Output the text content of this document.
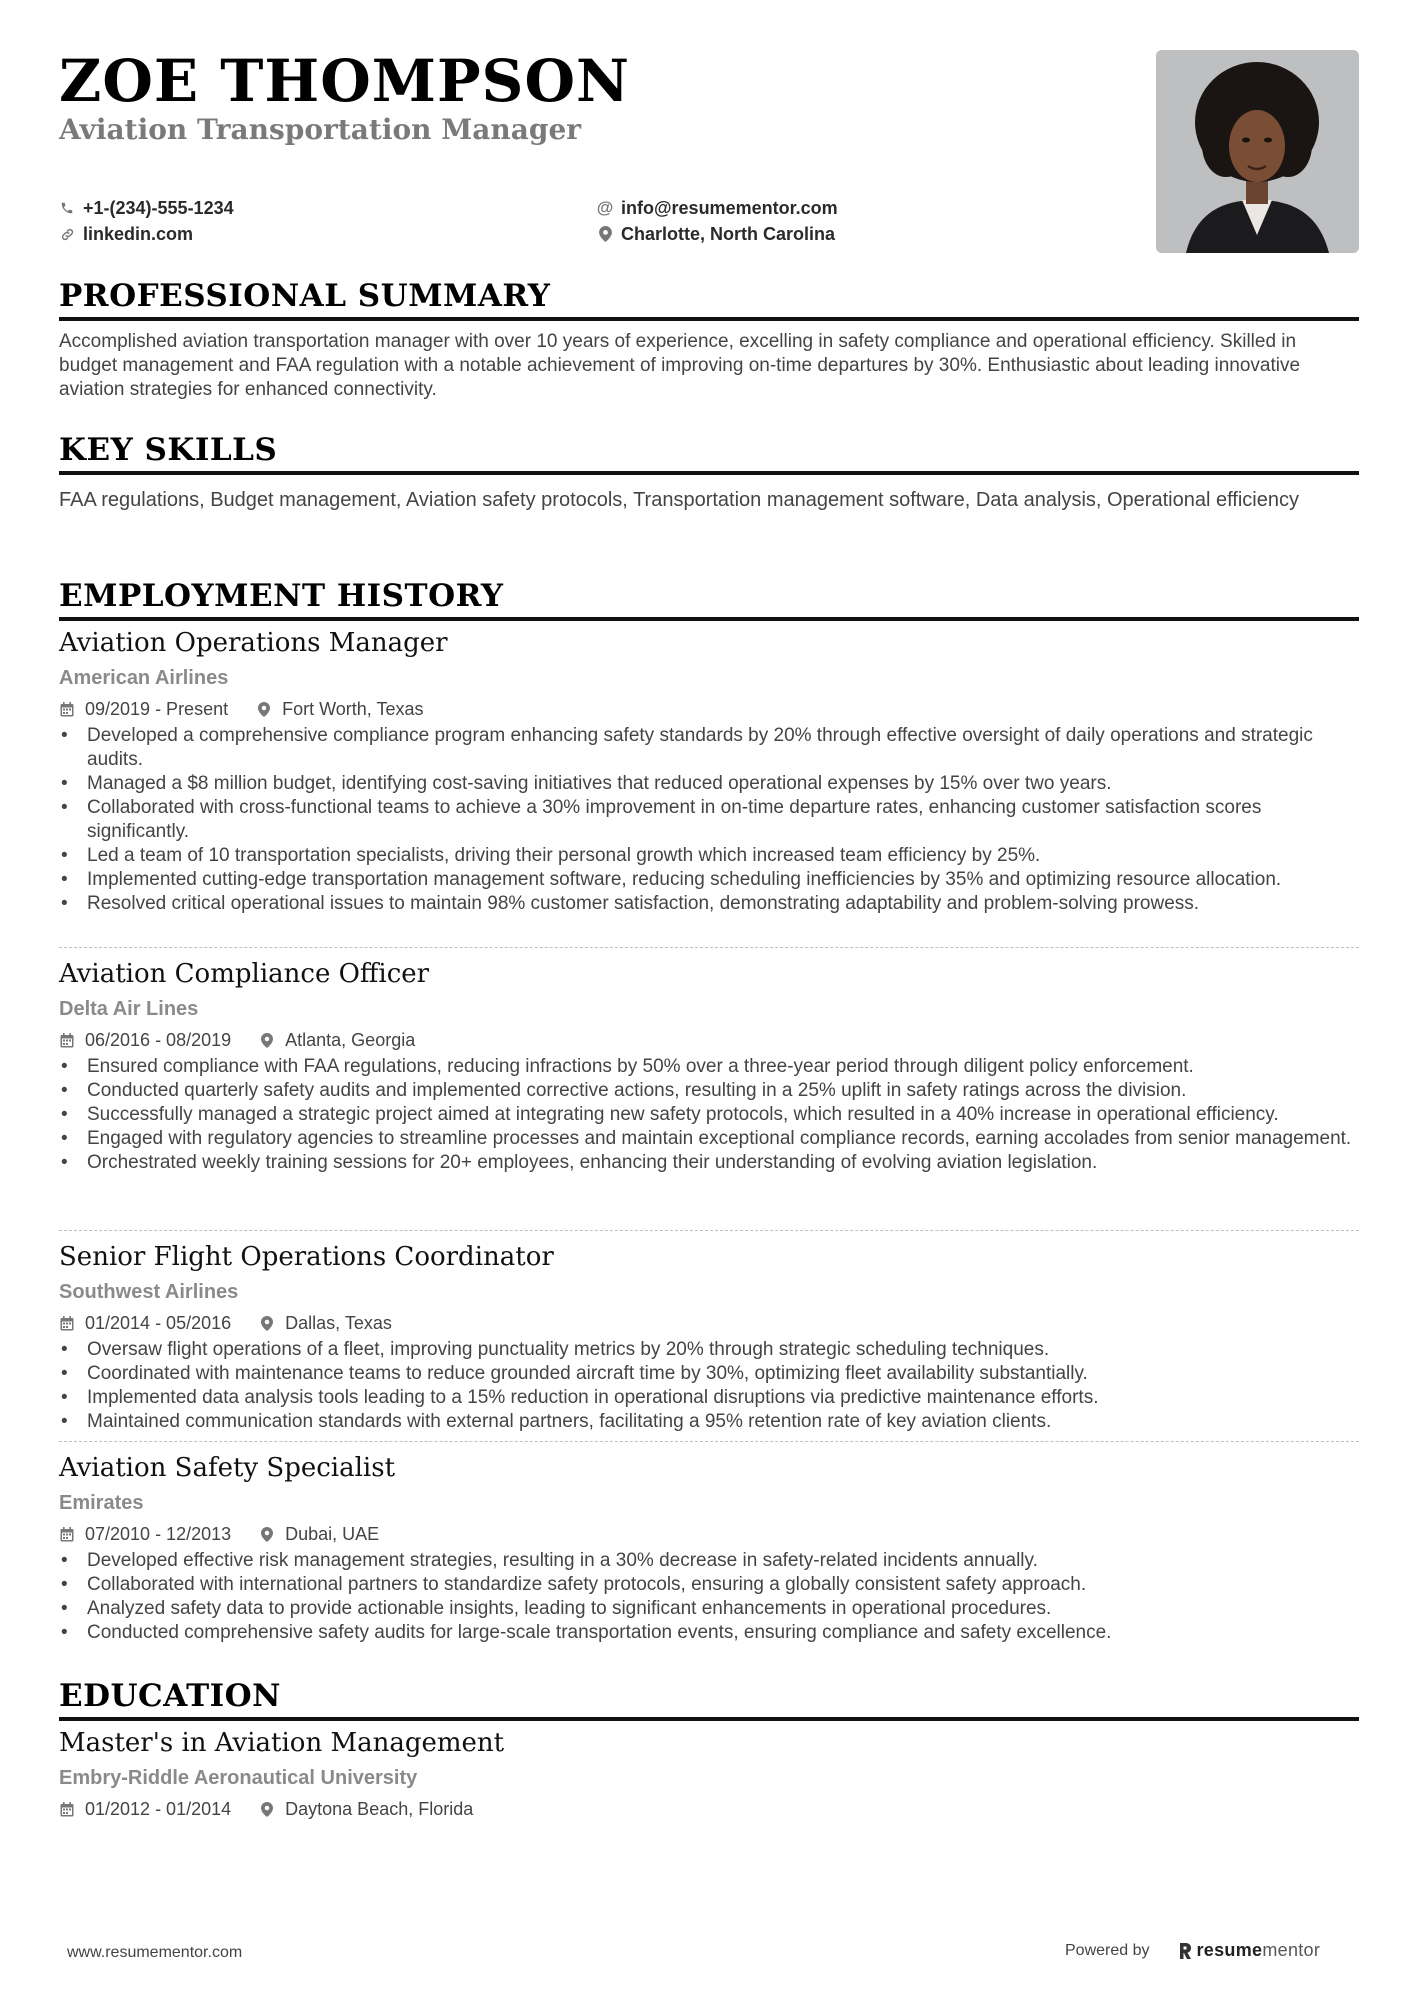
ZOE THOMPSON
Aviation Transportation Manager
+1-(234)-555-1234
linkedin.com
@ info@resumementor.com
Charlotte, North Carolina
PROFESSIONAL SUMMARY
Accomplished aviation transportation manager with over 10 years of experience, excelling in safety compliance and operational efficiency. Skilled in budget management and FAA regulation with a notable achievement of improving on-time departures by 30%. Enthusiastic about leading innovative aviation strategies for enhanced connectivity.
KEY SKILLS
FAA regulations, Budget management, Aviation safety protocols, Transportation management software, Data analysis, Operational efficiency
EMPLOYMENT HISTORY
Aviation Operations Manager
American Airlines
09/2019 - Present	Fort Worth, Texas
• Developed a comprehensive compliance program enhancing safety standards by 20% through effective oversight of daily operations and strategic audits.
• Managed a $8 million budget, identifying cost-saving initiatives that reduced operational expenses by 15% over two years.
• Collaborated with cross-functional teams to achieve a 30% improvement in on-time departure rates, enhancing customer satisfaction scores significantly.
• Led a team of 10 transportation specialists, driving their personal growth which increased team efficiency by 25%.
• Implemented cutting-edge transportation management software, reducing scheduling inefficiencies by 35% and optimizing resource allocation.
• Resolved critical operational issues to maintain 98% customer satisfaction, demonstrating adaptability and problem-solving prowess.
Aviation Compliance Officer
Delta Air Lines
06/2016 - 08/2019	Atlanta, Georgia
• Ensured compliance with FAA regulations, reducing infractions by 50% over a three-year period through diligent policy enforcement.
• Conducted quarterly safety audits and implemented corrective actions, resulting in a 25% uplift in safety ratings across the division.
• Successfully managed a strategic project aimed at integrating new safety protocols, which resulted in a 40% increase in operational efficiency.
• Engaged with regulatory agencies to streamline processes and maintain exceptional compliance records, earning accolades from senior management.
• Orchestrated weekly training sessions for 20+ employees, enhancing their understanding of evolving aviation legislation.
Senior Flight Operations Coordinator
Southwest Airlines
01/2014 - 05/2016	Dallas, Texas
• Oversaw flight operations of a fleet, improving punctuality metrics by 20% through strategic scheduling techniques.
• Coordinated with maintenance teams to reduce grounded aircraft time by 30%, optimizing fleet availability substantially.
• Implemented data analysis tools leading to a 15% reduction in operational disruptions via predictive maintenance efforts.
• Maintained communication standards with external partners, facilitating a 95% retention rate of key aviation clients.
Aviation Safety Specialist
Emirates
07/2010 - 12/2013	Dubai, UAE
• Developed effective risk management strategies, resulting in a 30% decrease in safety-related incidents annually.
• Collaborated with international partners to standardize safety protocols, ensuring a globally consistent safety approach.
• Analyzed safety data to provide actionable insights, leading to significant enhancements in operational procedures.
• Conducted comprehensive safety audits for large-scale transportation events, ensuring compliance and safety excellence.
EDUCATION
Master's in Aviation Management
Embry-Riddle Aeronautical University
01/2012 - 01/2014	Daytona Beach, Florida
www.resumementor.com	Powered by	resume mentor
